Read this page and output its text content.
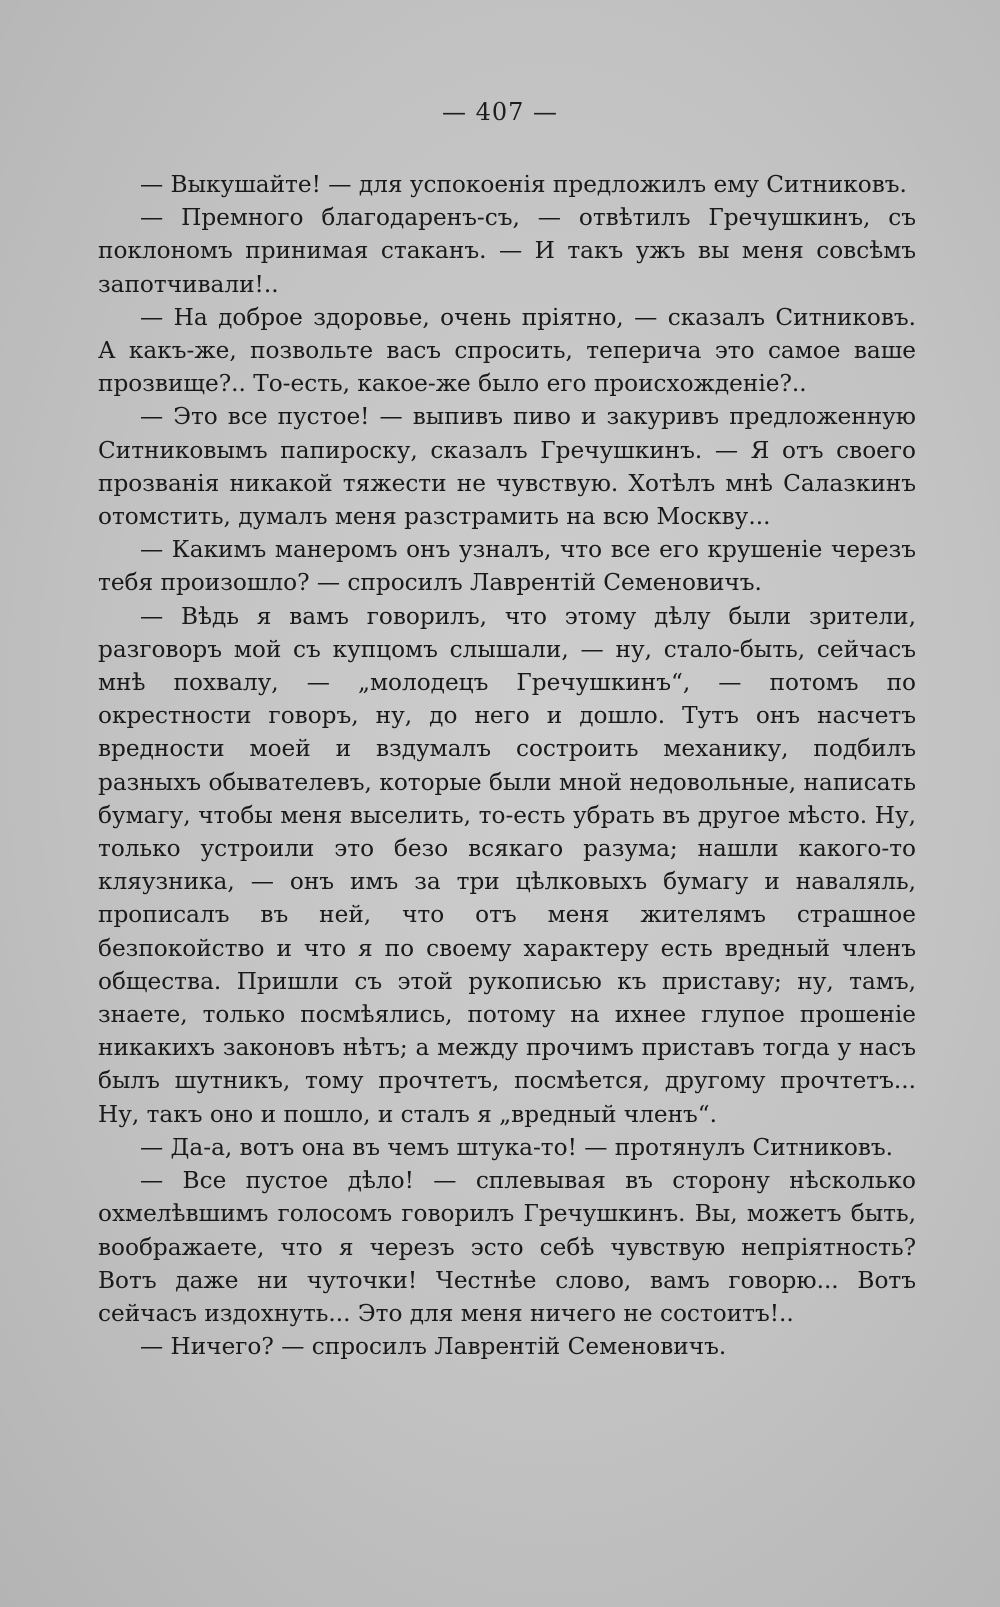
— 407 —

— Выкушайте! — для успокоенія предложилъ ему Ситниковъ.

— Премного благодаренъ-съ, — отвѣтилъ Гречушкинъ, съ поклономъ принимая стаканъ. — И такъ ужъ вы меня совсѣмъ запотчивали!..

— На доброе здоровье, очень пріятно, — сказалъ Ситниковъ. А какъ-же, позвольте васъ спросить, теперича это самое ваше прозвище?.. То-есть, какое-же было его происхожденіе?..

— Это все пустое! — выпивъ пиво и закуривъ предложенную Ситниковымъ папироску, сказалъ Гречушкинъ. — Я отъ своего прозванія никакой тяжести не чувствую. Хотѣлъ мнѣ Салазкинъ отомстить, думалъ меня разстрамить на всю Москву...

— Какимъ манеромъ онъ узналъ, что все его крушеніе черезъ тебя произошло? — спросилъ Лаврентій Семеновичъ.

— Вѣдь я вамъ говорилъ, что этому дѣлу были зрители, разговоръ мой съ купцомъ слышали, — ну, стало-быть, сейчасъ мнѣ похвалу, — „молодецъ Гречушкинъ“, — потомъ по окрестности говоръ, ну, до него и дошло. Тутъ онъ насчетъ вредности моей и вздумалъ состроить механику, подбилъ разныхъ обывателевъ, которые были мной недовольные, написать бумагу, чтобы меня выселить, то-есть убрать въ другое мѣсто. Ну, только устроили это безо всякаго разума; нашли какого-то кляузника, — онъ имъ за три цѣлковыхъ бумагу и наваляль, прописалъ въ ней, что отъ меня жителямъ страшное безпокойство и что я по своему характеру есть вредный членъ общества. Пришли съ этой рукописью къ приставу; ну, тамъ, знаете, только посмѣялись, потому на ихнее глупое прошеніе никакихъ законовъ нѣтъ; а между прочимъ приставъ тогда у насъ былъ шутникъ, тому прочтетъ, посмѣется, другому прочтетъ... Ну, такъ оно и пошло, и сталъ я „вредный членъ“.

— Да-а, вотъ она въ чемъ штука-то! — протянулъ Ситниковъ.

— Все пустое дѣло! — сплевывая въ сторону нѣсколько охмелѣвшимъ голосомъ говорилъ Гречушкинъ. Вы, можетъ быть, воображаете, что я черезъ эсто себѣ чувствую непріятность? Вотъ даже ни чуточки! Честнѣе слово, вамъ говорю... Вотъ сейчасъ издохнуть... Это для меня ничего не состоитъ!..

— Ничего? — спросилъ Лаврентій Семеновичъ.
